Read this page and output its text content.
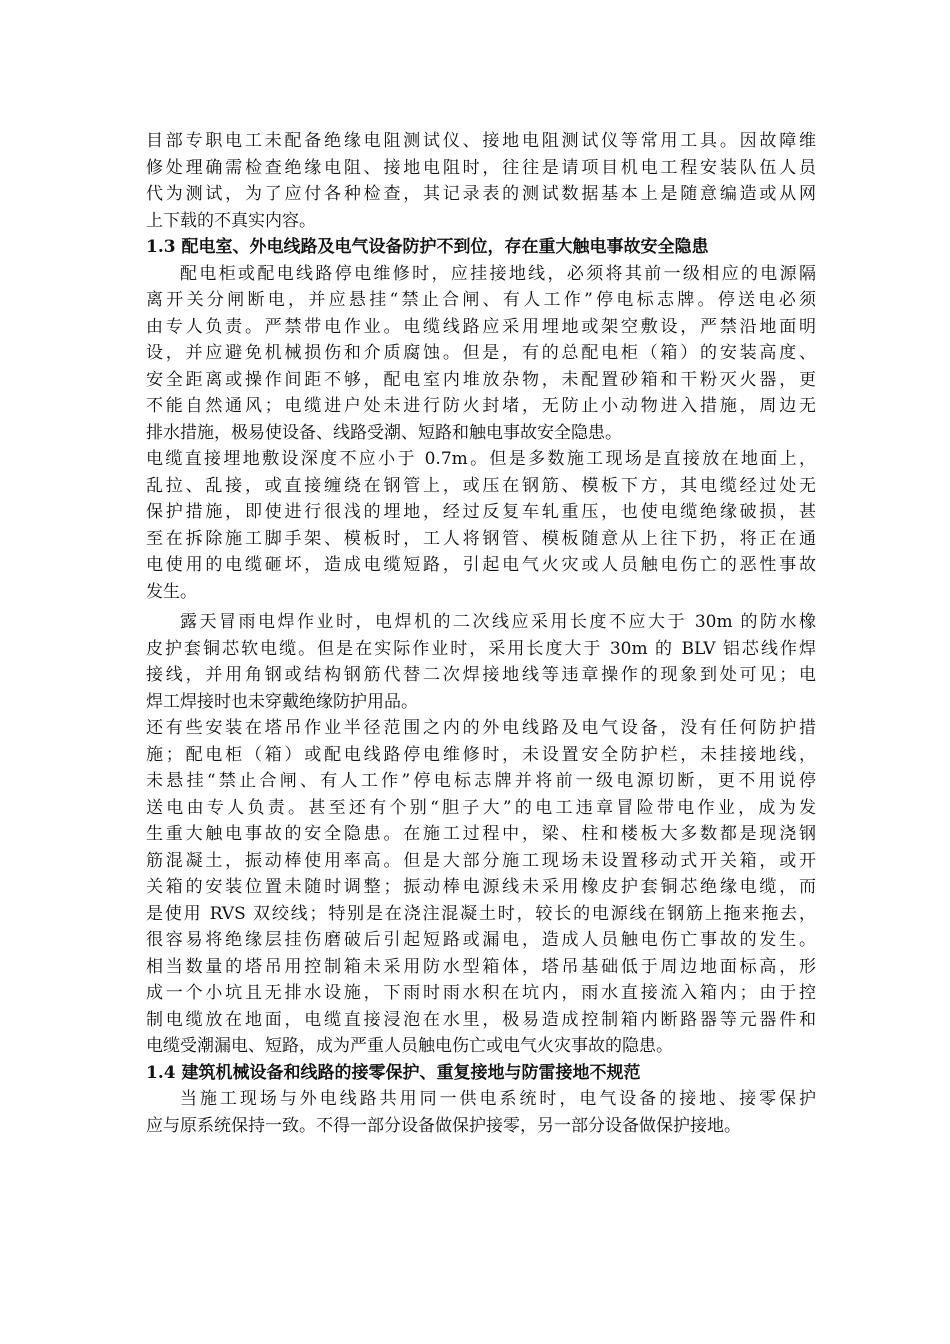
目部专职电工未配备绝缘电阻测试仪、接地电阻测试仪等常用工具。因故障维
修处理确需检查绝缘电阻、接地电阻时，往往是请项目机电工程安装队伍人员
代为测试，为了应付各种检查，其记录表的测试数据基本上是随意编造或从网
上下载的不真实内容。
1.3 配电室、外电线路及电气设备防护不到位，存在重大触电事故安全隐患
配电柜或配电线路停电维修时，应挂接地线，必须将其前一级相应的电源隔
离开关分闸断电，并应悬挂“禁止合闸、有人工作”停电标志牌。停送电必须
由专人负责。严禁带电作业。电缆线路应采用埋地或架空敷设，严禁沿地面明
设，并应避免机械损伤和介质腐蚀。但是，有的总配电柜（箱）的安装高度、
安全距离或操作间距不够，配电室内堆放杂物，未配置砂箱和干粉灭火器，更
不能自然通风；电缆进户处未进行防火封堵，无防止小动物进入措施，周边无
排水措施，极易使设备、线路受潮、短路和触电事故安全隐患。
电缆直接埋地敷设深度不应小于 0.7m。但是多数施工现场是直接放在地面上，
乱拉、乱接，或直接缠绕在钢管上，或压在钢筋、模板下方，其电缆经过处无
保护措施，即使进行很浅的埋地，经过反复车轧重压，也使电缆绝缘破损，甚
至在拆除施工脚手架、模板时，工人将钢管、模板随意从上往下扔，将正在通
电使用的电缆砸坏，造成电缆短路，引起电气火灾或人员触电伤亡的恶性事故
发生。
露天冒雨电焊作业时，电焊机的二次线应采用长度不应大于 30m 的防水橡
皮护套铜芯软电缆。但是在实际作业时，采用长度大于 30m 的 BLV 铝芯线作焊
接线，并用角钢或结构钢筋代替二次焊接地线等违章操作的现象到处可见；电
焊工焊接时也未穿戴绝缘防护用品。
还有些安装在塔吊作业半径范围之内的外电线路及电气设备，没有任何防护措
施；配电柜（箱）或配电线路停电维修时，未设置安全防护栏，未挂接地线，
未悬挂“禁止合闸、有人工作”停电标志牌并将前一级电源切断，更不用说停
送电由专人负责。甚至还有个别“胆子大”的电工违章冒险带电作业，成为发
生重大触电事故的安全隐患。在施工过程中，梁、柱和楼板大多数都是现浇钢
筋混凝土，振动棒使用率高。但是大部分施工现场未设置移动式开关箱，或开
关箱的安装位置未随时调整；振动棒电源线未采用橡皮护套铜芯绝缘电缆，而
是使用 RVS 双绞线；特别是在浇注混凝土时，较长的电源线在钢筋上拖来拖去，
很容易将绝缘层挂伤磨破后引起短路或漏电，造成人员触电伤亡事故的发生。
相当数量的塔吊用控制箱未采用防水型箱体，塔吊基础低于周边地面标高，形
成一个小坑且无排水设施，下雨时雨水积在坑内，雨水直接流入箱内；由于控
制电缆放在地面，电缆直接浸泡在水里，极易造成控制箱内断路器等元器件和
电缆受潮漏电、短路，成为严重人员触电伤亡或电气火灾事故的隐患。
1.4 建筑机械设备和线路的接零保护、重复接地与防雷接地不规范
当施工现场与外电线路共用同一供电系统时，电气设备的接地、接零保护
应与原系统保持一致。不得一部分设备做保护接零，另一部分设备做保护接地。
